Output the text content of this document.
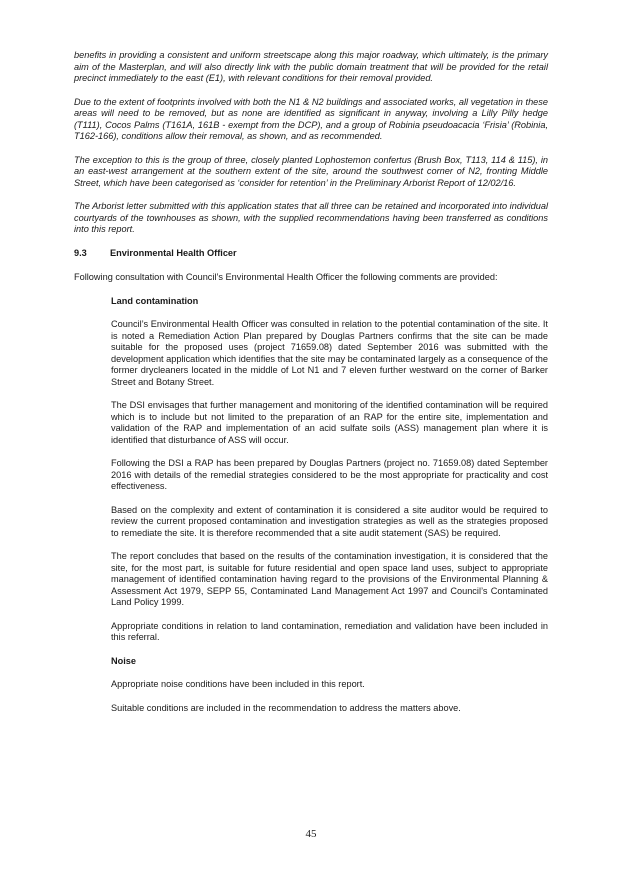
benefits in providing a consistent and uniform streetscape along this major roadway, which ultimately, is the primary aim of the Masterplan, and will also directly link with the public domain treatment that will be provided for the retail precinct immediately to the east (E1), with relevant conditions for their removal provided.

Due to the extent of footprints involved with both the N1 & N2 buildings and associated works, all vegetation in these areas will need to be removed, but as none are identified as significant in anyway, involving a Lilly Pilly hedge (T111), Cocos Palms (T161A, 161B - exempt from the DCP), and a group of Robinia pseudoacacia ‘Frisia’ (Robinia, T162-166), conditions allow their removal, as shown, and as recommended.

The exception to this is the group of three, closely planted Lophostemon confertus (Brush Box, T113, 114 & 115), in an east-west arrangement at the southern extent of the site, around the southwest corner of N2, fronting Middle Street, which have been categorised as ‘consider for retention’ in the Preliminary Arborist Report of 12/02/16.

The Arborist letter submitted with this application states that all three can be retained and incorporated into individual courtyards of the townhouses as shown, with the supplied recommendations having been transferred as conditions into this report.

9.3	Environmental Health Officer

Following consultation with Council’s Environmental Health Officer the following comments are provided:

Land contamination

Council’s Environmental Health Officer was consulted in relation to the potential contamination of the site. It is noted a Remediation Action Plan prepared by Douglas Partners confirms that the site can be made suitable for the proposed uses (project 71659.08) dated September 2016 was submitted with the development application which identifies that the site may be contaminated largely as a consequence of the former drycleaners located in the middle of Lot N1 and 7 eleven further westward on the corner of Barker Street and Botany Street.

The DSI envisages that further management and monitoring of the identified contamination will be required which is to include but not limited to the preparation of an RAP for the entire site, implementation and validation of the RAP and implementation of an acid sulfate soils (ASS) management plan where it is identified that disturbance of ASS will occur.

Following the DSI a RAP has been prepared by Douglas Partners (project no. 71659.08) dated September 2016 with details of the remedial strategies considered to be the most appropriate for practicality and cost effectiveness.

Based on the complexity and extent of contamination it is considered a site auditor would be required to review the current proposed contamination and investigation strategies as well as the strategies proposed to remediate the site. It is therefore recommended that a site audit statement (SAS) be required.

The report concludes that based on the results of the contamination investigation, it is considered that the site, for the most part, is suitable for future residential and open space land uses, subject to appropriate management of identified contamination having regard to the provisions of the Environmental Planning & Assessment Act 1979, SEPP 55, Contaminated Land Management Act 1997 and Council’s Contaminated Land Policy 1999.

Appropriate conditions in relation to land contamination, remediation and validation have been included in this referral.

Noise

Appropriate noise conditions have been included in this report.

Suitable conditions are included in the recommendation to address the matters above.

45
